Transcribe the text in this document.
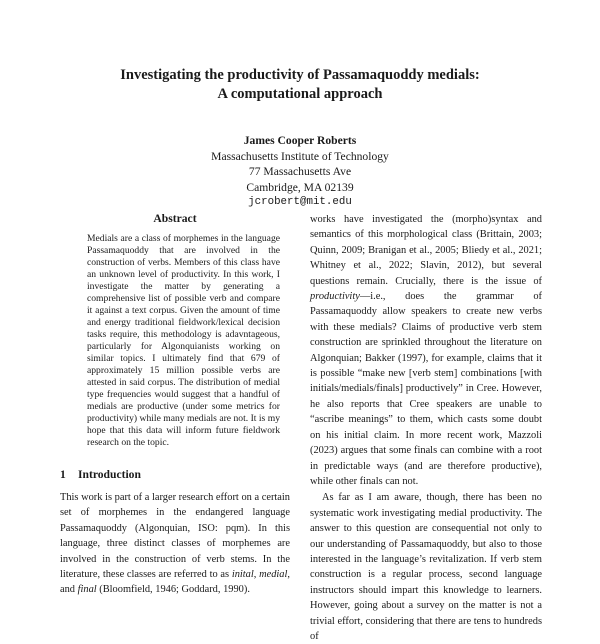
Investigating the productivity of Passamaquoddy medials:
A computational approach
James Cooper Roberts
Massachusetts Institute of Technology
77 Massachusetts Ave
Cambridge, MA 02139
jcrobert@mit.edu
Abstract

Medials are a class of morphemes in the language Passamaquoddy that are involved in the construction of verbs. Members of this class have an unknown level of productivity. In this work, I investigate the matter by generating a comprehensive list of possible verb and compare it against a text corpus. Given the amount of time and energy traditional fieldwork/lexical decision tasks require, this methodology is adavntageous, particularly for Algonquianists working on similar topics. I ultimately find that 679 of approximately 15 million possible verbs are attested in said corpus. The distribution of medial type frequencies would suggest that a handful of medials are productive (under some metrics for productivity) while many medials are not. It is my hope that this data will inform future fieldwork research on the topic.

1 Introduction

This work is part of a larger research effort on a certain set of morphemes in the endangered language Passamaquoddy (Algonquian, ISO: pqm). In this language, three distinct classes of morphemes are involved in the construction of verb stems. In the literature, these classes are referred to as inital, medial, and final (Bloomfield, 1946; Goddard, 1990).

works have investigated the (morpho)syntax and semantics of this morphological class (Brittain, 2003; Quinn, 2009; Branigan et al., 2005; Bliedy et al., 2021; Whitney et al., 2022; Slavin, 2012), but several questions remain. Crucially, there is the issue of productivity—i.e., does the grammar of Passamaquoddy allow speakers to create new verbs with these medials? Claims of productive verb stem construction are sprinkled throughout the literature on Algonquian; Bakker (1997), for example, claims that it is possible “make new [verb stem] combinations [with initials/medials/finals] productively” in Cree. However, he also reports that Cree speakers are unable to “ascribe meanings” to them, which casts some doubt on his initial claim. In more recent work, Mazzoli (2023) argues that some finals can combine with a root in predictable ways (and are therefore productive), while other finals can not.

As far as I am aware, though, there has been no systematic work investigating medial productivity. The answer to this question are consequential not only to our understanding of Passamaquoddy, but also to those interested in the language’s revitalization. If verb stem construction is a regular process, second language instructors should impart this knowledge to learners. However, going about a survey on the matter is not a trivial effort, considering that there are tens to hundreds of
